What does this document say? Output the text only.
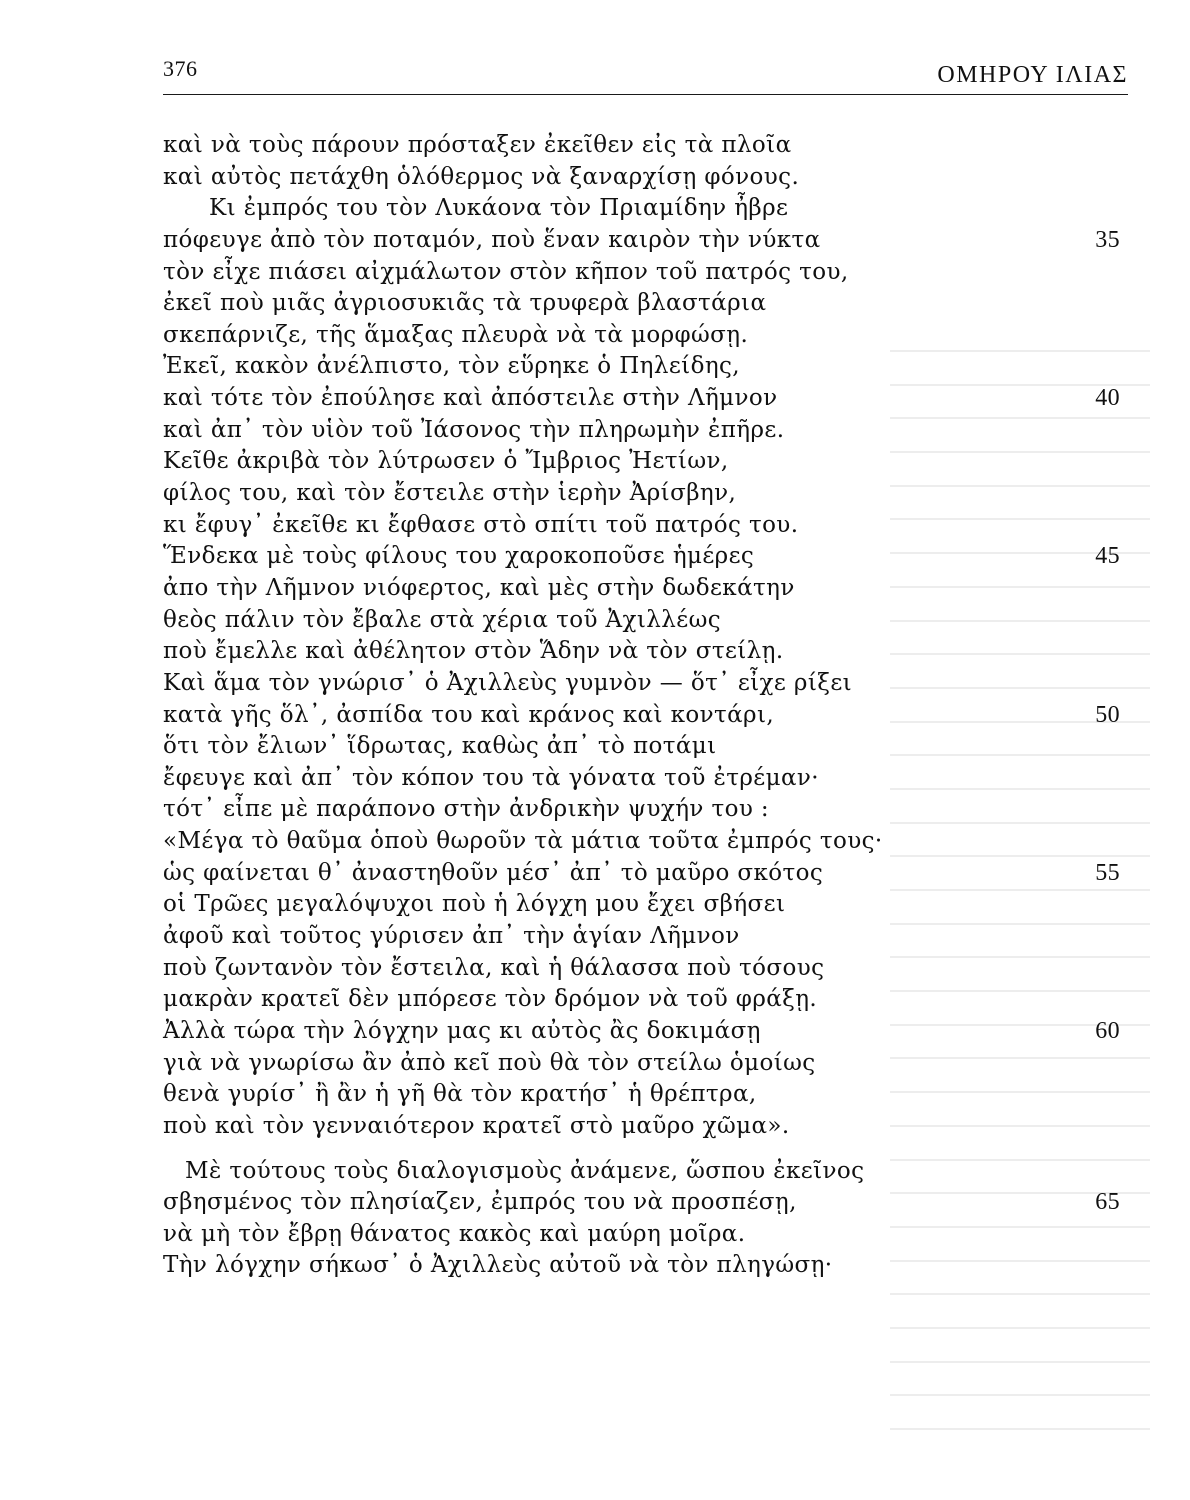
376	ΟΜΗΡΟΥ ΙΛΙΑΣ
καὶ νὰ τοὺς πάρουν πρόσταξεν ἐκεῖθεν εἰς τὰ πλοῖα
καὶ αὐτὸς πετάχθη ὁλόθερμος νὰ ξαναρχίσῃ φόνους.
Κι ἐμπρός του τὸν Λυκάονα τὸν Πριαμίδην ἦβρε
πόφευγε ἀπὸ τὸν ποταμόν, ποὺ ἕναν καιρὸν τὴν νύκτα	35
τὸν εἶχε πιάσει αἰχμάλωτον στὸν κῆπον τοῦ πατρός του,
ἐκεῖ ποὺ μιᾶς ἀγριοσυκιᾶς τὰ τρυφερὰ βλαστάρια
σκεπάρνιζε, τῆς ἅμαξας πλευρὰ νὰ τὰ μορφώσῃ.
Ἐκεῖ, κακὸν ἀνέλπιστο, τὸν εὕρηκε ὁ Πηλείδης,
καὶ τότε τὸν ἐπούλησε καὶ ἀπόστειλε στὴν Λῆμνον	40
καὶ ἀπ᾽ τὸν υἱὸν τοῦ Ἰάσονος τὴν πληρωμὴν ἐπῆρε.
Κεῖθε ἀκριβὰ τὸν λύτρωσεν ὁ Ἴμβριος Ἠετίων,
φίλος του, καὶ τὸν ἔστειλε στὴν ἱερὴν Ἀρίσβην,
κι ἔφυγ᾽ ἐκεῖθε κι ἔφθασε στὸ σπίτι τοῦ πατρός του.
Ἕνδεκα μὲ τοὺς φίλους του χαροκοποῦσε ἡμέρες	45
ἀπο τὴν Λῆμνον νιόφερτος, καὶ μὲς στὴν δωδεκάτην
θεὸς πάλιν τὸν ἔβαλε στὰ χέρια τοῦ Ἀχιλλέως
ποὺ ἔμελλε καὶ ἀθέλητον στὸν Ἅδην νὰ τὸν στείλῃ.
Καὶ ἅμα τὸν γνώρισ᾽ ὁ Ἀχιλλεὺς γυμνὸν — ὅτ᾽ εἶχε ρίξει
κατὰ γῆς ὅλ᾽, ἀσπίδα του καὶ κράνος καὶ κοντάρι,	50
ὅτι τὸν ἔλιων᾽ ἵδρωτας, καθὼς ἀπ᾽ τὸ ποτάμι
ἔφευγε καὶ ἀπ᾽ τὸν κόπον του τὰ γόνατα τοῦ ἐτρέμαν·
τότ᾽ εἶπε μὲ παράπονο στὴν ἀνδρικὴν ψυχήν του :
«Μέγα τὸ θαῦμα ὁποὺ θωροῦν τὰ μάτια τοῦτα ἐμπρός τους·
ὡς φαίνεται θ᾽ ἀναστηθοῦν μέσ᾽ ἀπ᾽ τὸ μαῦρο σκότος	55
οἱ Τρῶες μεγαλόψυχοι ποὺ ἡ λόγχη μου ἔχει σβήσει
ἀφοῦ καὶ τοῦτος γύρισεν ἀπ᾽ τὴν ἁγίαν Λῆμνον
ποὺ ζωντανὸν τὸν ἔστειλα, καὶ ἡ θάλασσα ποὺ τόσους
μακρὰν κρατεῖ δὲν μπόρεσε τὸν δρόμον νὰ τοῦ φράξῃ.
Ἀλλὰ τώρα τὴν λόγχην μας κι αὐτὸς ἂς δοκιμάσῃ	60
γιὰ νὰ γνωρίσω ἂν ἀπὸ κεῖ ποὺ θὰ τὸν στείλω ὁμοίως
θενὰ γυρίσ᾽ ἢ ἂν ἡ γῆ θὰ τὸν κρατήσ᾽ ἡ θρέπτρα,
ποὺ καὶ τὸν γενναιότερον κρατεῖ στὸ μαῦρο χῶμα».
Μὲ τούτους τοὺς διαλογισμοὺς ἀνάμενε, ὥσπου ἐκεῖνος
σβησμένος τὸν πλησίαζεν, ἐμπρός του νὰ προσπέσῃ,	65
νὰ μὴ τὸν ἔβρῃ θάνατος κακὸς καὶ μαύρη μοῖρα.
Τὴν λόγχην σήκωσ᾽ ὁ Ἀχιλλεὺς αὐτοῦ νὰ τὸν πληγώσῃ·
